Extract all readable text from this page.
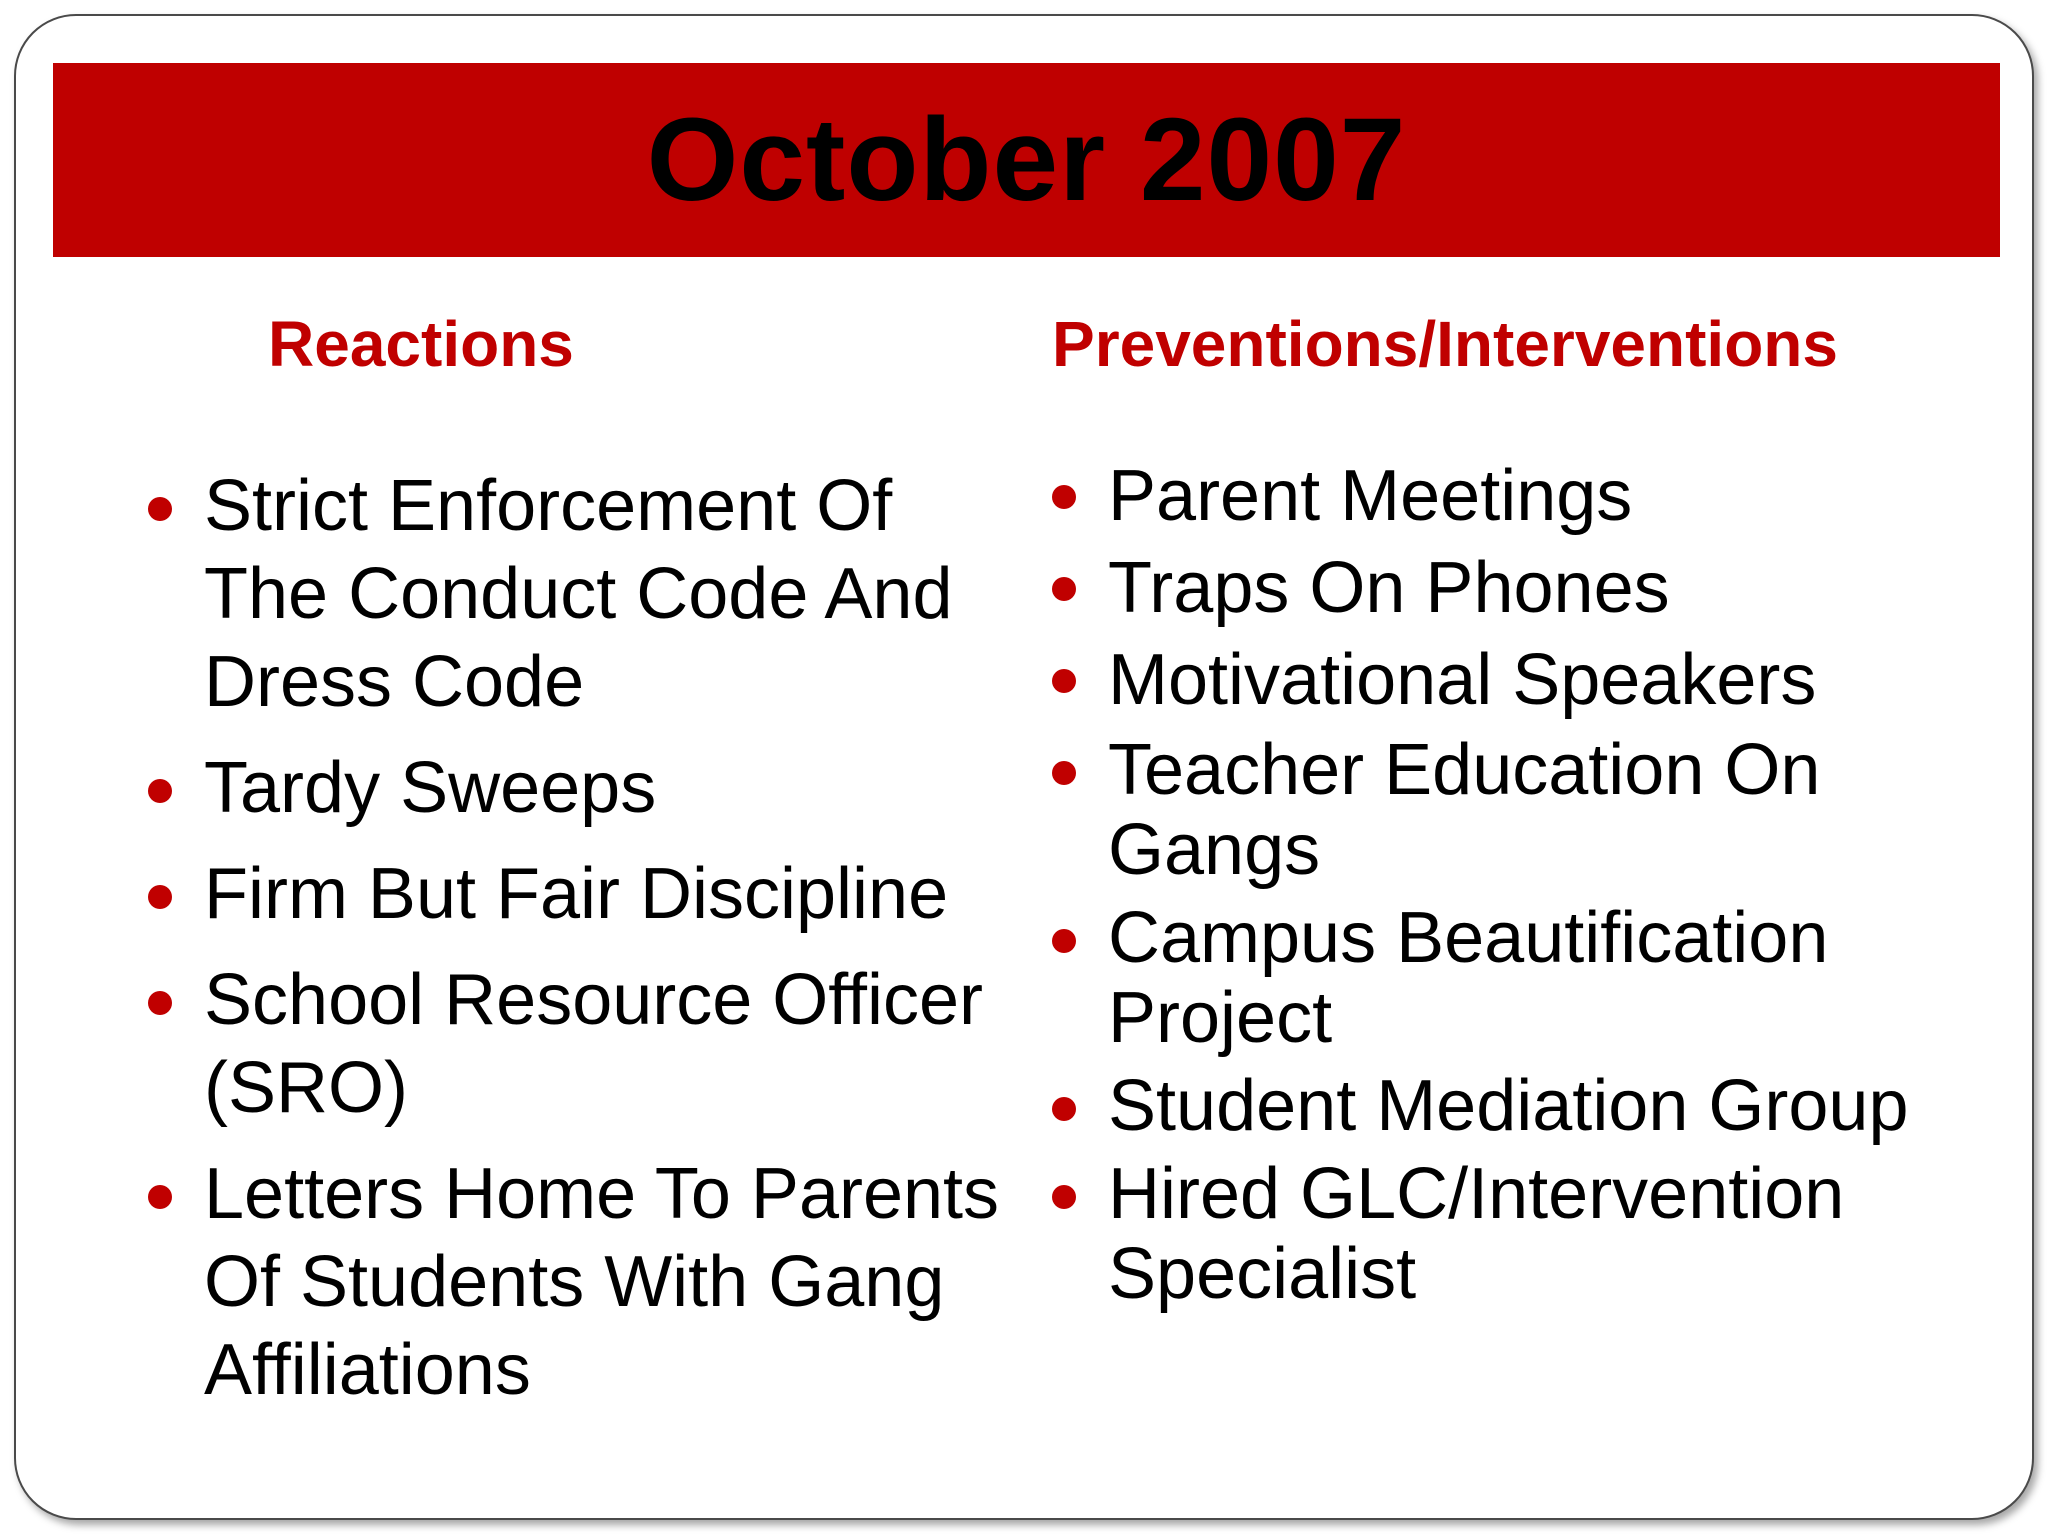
October 2007
Reactions	Preventions/Interventions
Strict Enforcement Of The Conduct Code And Dress Code
Tardy Sweeps
Firm But Fair Discipline
School Resource Officer (SRO)
Letters Home To Parents Of Students With Gang Affiliations
Parent Meetings
Traps On Phones
Motivational Speakers
Teacher Education On Gangs
Campus Beautification Project
Student Mediation Group
Hired GLC/Intervention Specialist
